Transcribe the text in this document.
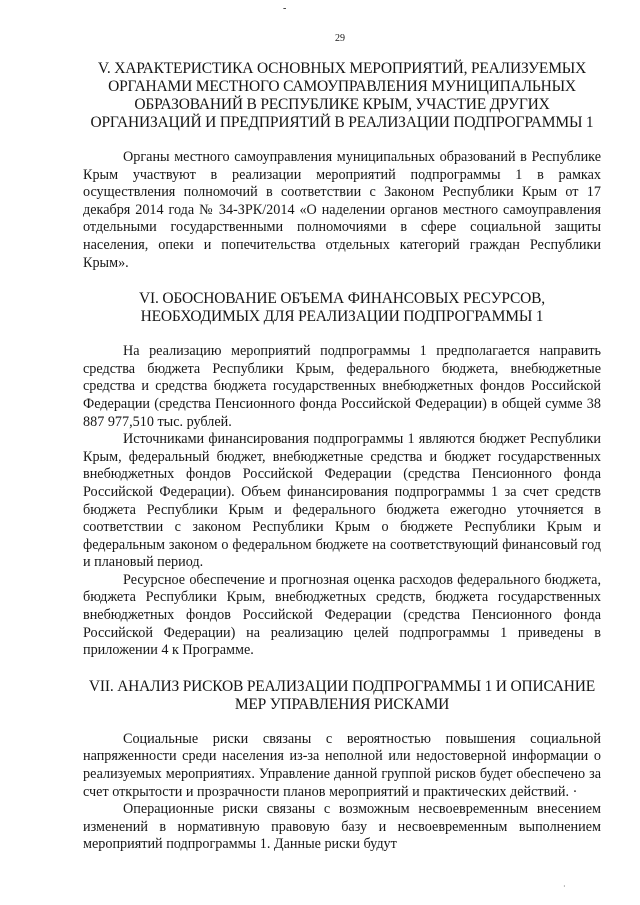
-
29
V. ХАРАКТЕРИСТИКА ОСНОВНЫХ МЕРОПРИЯТИЙ, РЕАЛИЗУЕМЫХ
ОРГАНАМИ МЕСТНОГО САМОУПРАВЛЕНИЯ МУНИЦИПАЛЬНЫХ
ОБРАЗОВАНИЙ В РЕСПУБЛИКЕ КРЫМ, УЧАСТИЕ ДРУГИХ
ОРГАНИЗАЦИЙ И ПРЕДПРИЯТИЙ В РЕАЛИЗАЦИИ ПОДПРОГРАММЫ 1

Органы местного самоуправления муниципальных образований в Республике Крым участвуют в реализации мероприятий подпрограммы 1 в рамках осуществления полномочий в соответствии с Законом Республики Крым от 17 декабря 2014 года № 34-ЗРК/2014 «О наделении органов местного самоуправления отдельными государственными полномочиями в сфере социальной защиты населения, опеки и попечительства отдельных категорий граждан Республики Крым».

VI. ОБОСНОВАНИЕ ОБЪЕМА ФИНАНСОВЫХ РЕСУРСОВ,
НЕОБХОДИМЫХ ДЛЯ РЕАЛИЗАЦИИ ПОДПРОГРАММЫ 1

На реализацию мероприятий подпрограммы 1 предполагается направить средства бюджета Республики Крым, федерального бюджета, внебюджетные средства и средства бюджета государственных внебюджетных фондов Российской Федерации (средства Пенсионного фонда Российской Федерации) в общей сумме 38 887 977,510 тыс. рублей.

Источниками финансирования подпрограммы 1 являются бюджет Республики Крым, федеральный бюджет, внебюджетные средства и бюджет государственных внебюджетных фондов Российской Федерации (средства Пенсионного фонда Российской Федерации). Объем финансирования подпрограммы 1 за счет средств бюджета Республики Крым и федерального бюджета ежегодно уточняется в соответствии с законом Республики Крым о бюджете Республики Крым и федеральным законом о федеральном бюджете на соответствующий финансовый год и плановый период.

Ресурсное обеспечение и прогнозная оценка расходов федерального бюджета, бюджета Республики Крым, внебюджетных средств, бюджета государственных внебюджетных фондов Российской Федерации (средства Пенсионного фонда Российской Федерации) на реализацию целей подпрограммы 1 приведены в приложении 4 к Программе.

VII. АНАЛИЗ РИСКОВ РЕАЛИЗАЦИИ ПОДПРОГРАММЫ 1 И ОПИСАНИЕ
МЕР УПРАВЛЕНИЯ РИСКАМИ

Социальные риски связаны с вероятностью повышения социальной напряженности среди населения из-за неполной или недостоверной информации о реализуемых мероприятиях. Управление данной группой рисков будет обеспечено за счет открытости и прозрачности планов мероприятий и практических действий. ·

Операционные риски связаны с возможным несвоевременным внесением изменений в нормативную правовую базу и несвоевременным выполнением мероприятий подпрограммы 1. Данные риски будут

·
